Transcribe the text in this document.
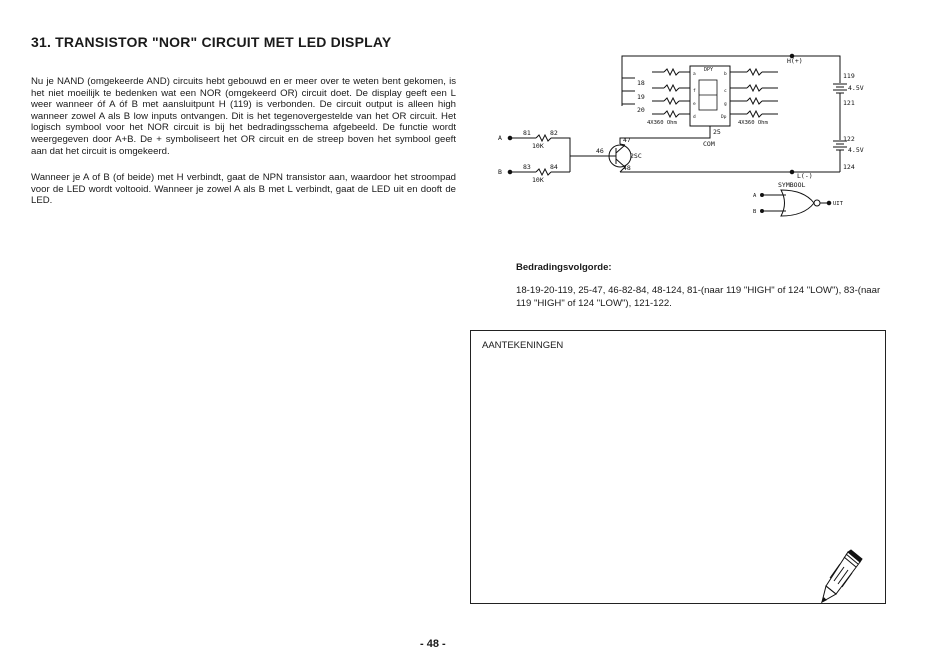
31. TRANSISTOR "NOR" CIRCUIT MET LED DISPLAY
Nu je NAND (omgekeerde AND) circuits hebt gebouwd en er meer over te weten bent gekomen, is het niet moeilijk te bedenken wat een NOR (omgekeerd OR) circuit doet. De display geeft een L weer wanneer óf A óf B met aansluitpunt H (119) is verbonden. De circuit output is alleen high wanneer zowel A als B low inputs ontvangen. Dit is het tegenovergestelde van het OR circuit. Het logisch symbool voor het NOR circuit is bij het bedradingsschema afgebeeld. De functie wordt weergegeven door A+B. De + symboliseert het OR circuit en de streep boven het symbool geeft aan dat het circuit is omgekeerd.
Wanneer je A of B (of beide) met H verbindt, gaat de NPN transistor aan, waardoor het stroompad voor de LED wordt voltooid. Wanneer je zowel A als B met L verbindt, gaat de LED uit en dooft de LED.
H(+)
L(-)
DPY
18
19
20
25
COM
4X360 Ohm	4X360 Ohm
a	b
c
d
e
f
g
Dp
119
4.5V
121
122
4.5V
124
A
B
81	82
83	84
10K
10K
46
47
48
2SC
SYMBOOL
A
B
UIT
Bedradingsvolgorde:
18-19-20-119, 25-47, 46-82-84, 48-124, 81-(naar 119 "HIGH" of 124 "LOW"), 83-(naar 119 "HIGH" of 124 "LOW"), 121-122.
AANTEKENINGEN
- 48 -
